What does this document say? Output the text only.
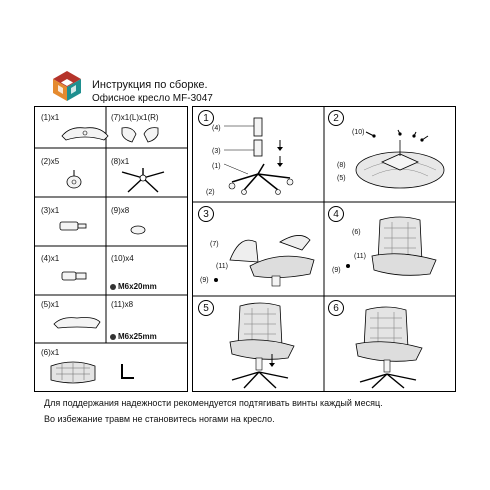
Инструкция по сборке.
Офисное кресло MF-3047
(1)x1	(7)x1(L)x1(R)
(2)x5	(8)x1
(3)x1	(9)x8
(4)x1	(10)x4
M6x20mm
(5)x1	(11)x8
M6x25mm
(6)x1
1	2
3	4
5	6
(4)
(3)
(1)
(2)
(10)
(8)
(5)
(7)
(11)
(9)
(6)
(11)
(9)
Для поддержания надежности рекомендуется подтягивать винты каждый месяц.
Во избежание травм не становитесь ногами на кресло.
